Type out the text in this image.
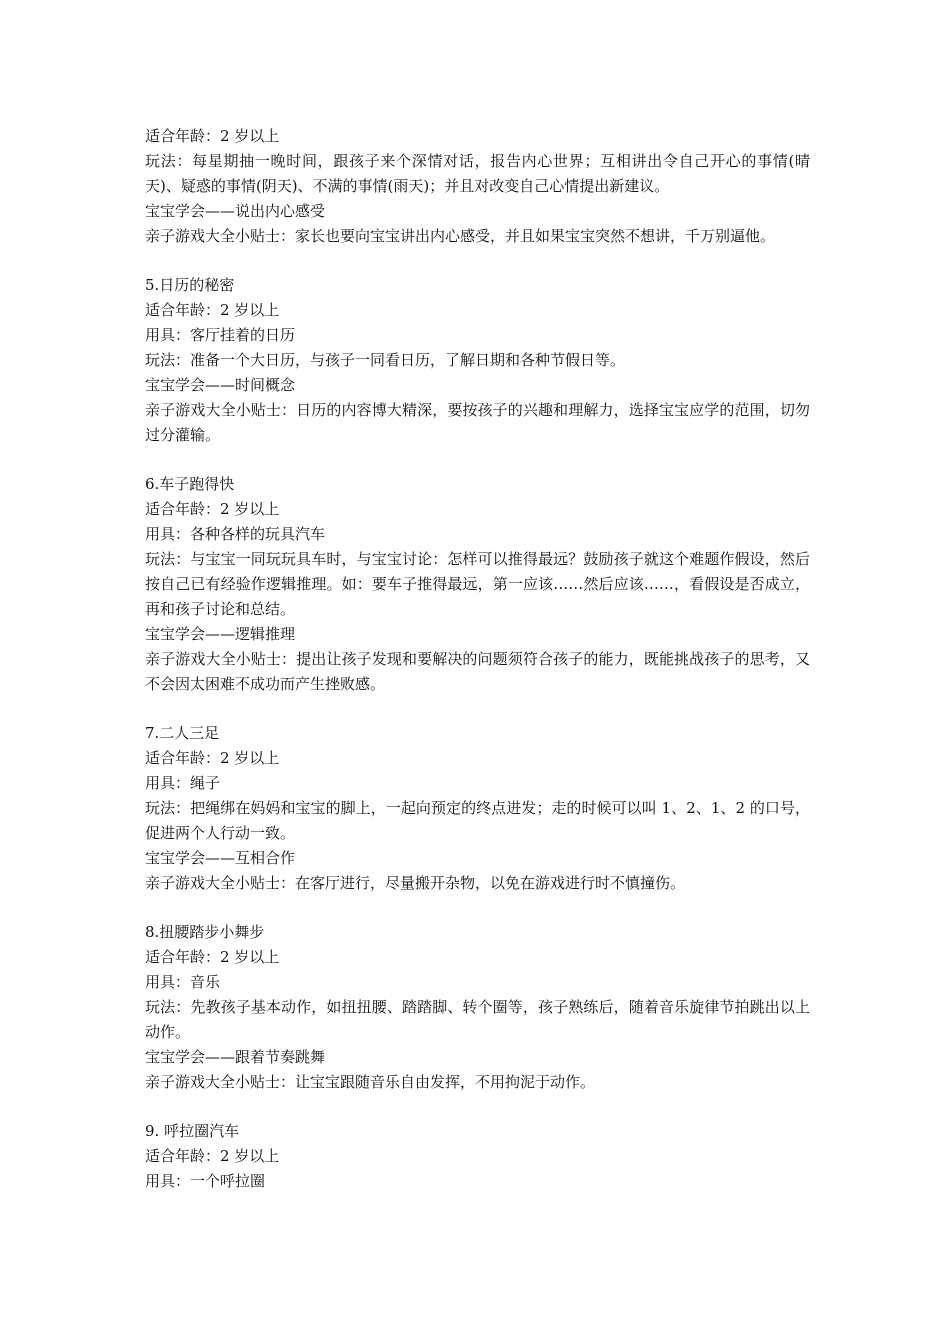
适合年龄：2 岁以上
玩法：每星期抽一晚时间，跟孩子来个深情对话，报告内心世界；互相讲出令自己开心的事情(晴天)、疑惑的事情(阴天)、不满的事情(雨天)；并且对改变自己心情提出新建议。
宝宝学会——说出内心感受
亲子游戏大全小贴士：家长也要向宝宝讲出内心感受，并且如果宝宝突然不想讲，千万别逼他。
5.日历的秘密
适合年龄：2 岁以上
用具：客厅挂着的日历
玩法：准备一个大日历，与孩子一同看日历，了解日期和各种节假日等。
宝宝学会——时间概念
亲子游戏大全小贴士：日历的内容博大精深，要按孩子的兴趣和理解力，选择宝宝应学的范围，切勿过分灌输。
6.车子跑得快
适合年龄：2 岁以上
用具：各种各样的玩具汽车
玩法：与宝宝一同玩玩具车时，与宝宝讨论：怎样可以推得最远？鼓励孩子就这个难题作假设，然后按自己已有经验作逻辑推理。如：要车子推得最远，第一应该……然后应该……，看假设是否成立，再和孩子讨论和总结。
宝宝学会——逻辑推理
亲子游戏大全小贴士：提出让孩子发现和要解决的问题须符合孩子的能力，既能挑战孩子的思考，又不会因太困难不成功而产生挫败感。
7.二人三足
适合年龄：2 岁以上
用具：绳子
玩法：把绳绑在妈妈和宝宝的脚上，一起向预定的终点进发；走的时候可以叫 1、2、1、2 的口号，促进两个人行动一致。
宝宝学会——互相合作
亲子游戏大全小贴士：在客厅进行，尽量搬开杂物，以免在游戏进行时不慎撞伤。
8.扭腰踏步小舞步
适合年龄：2 岁以上
用具：音乐
玩法：先教孩子基本动作，如扭扭腰、踏踏脚、转个圈等，孩子熟练后，随着音乐旋律节拍跳出以上动作。
宝宝学会——跟着节奏跳舞
亲子游戏大全小贴士：让宝宝跟随音乐自由发挥，不用拘泥于动作。
9. 呼拉圈汽车
适合年龄：2 岁以上
用具：一个呼拉圈
